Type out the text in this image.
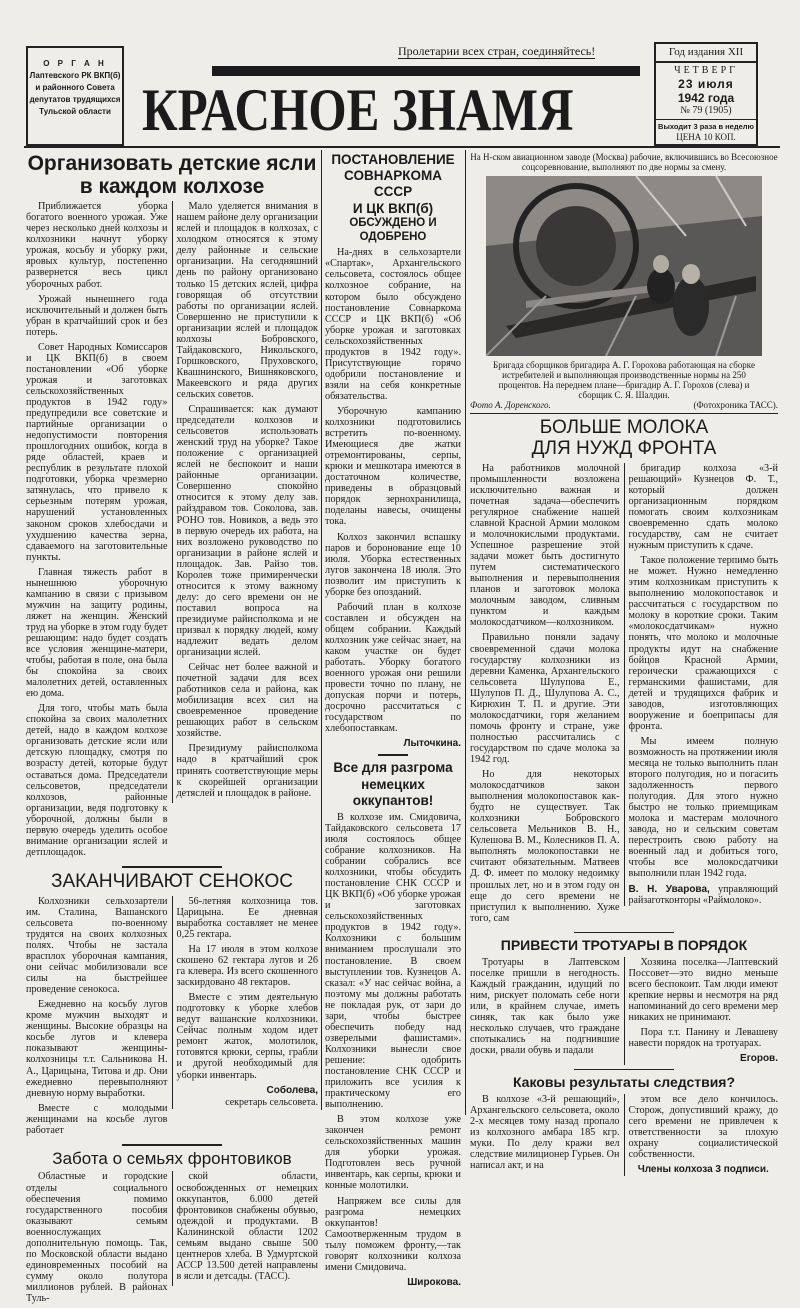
О Р Г А Н
Лаптевского РК ВКП(б)
и районного Совета
депутатов трудящихся
Тульской области
Пролетарии всех стран, соединяйтесь!
КРАСНОЕ ЗНАМЯ
Год издания XII
ЧЕТВЕРГ
23 июля
1942 года
№ 79 (1905)
Выходит 3 раза в неделю
ЦЕНА 10 КОП.
Организовать детские ясли
в каждом колхозе

Приближается уборка богатого военного урожая. Уже через несколько дней колхозы и колхозники начнут уборку урожая, косьбу и уборку ржи, яровых культур, постепенно развернется весь цикл уборочных работ.

Урожай нынешнего года исключительный и должен быть убран в кратчайший срок и без потерь.

Совет Народных Комиссаров и ЦК ВКП(б) в своем постановлении «Об уборке урожая и заготовках сельскохозяйственных продуктов в 1942 году» предупредили все советские и партийные организации о недопустимости повторения прошлогодних ошибок, когда в ряде областей, краев и республик в результате плохой подготовки, уборка чрезмерно затянулась, что привело к серьезным потерям урожая, нарушений установленных законом сроков хлебосдачи и ухудшению качества зерна, сдаваемого на заготовительные пункты.

Главная тяжесть работ в нынешнюю уборочную кампанию в связи с призывом мужчин на защиту родины, ляжет на женщин. Женский труд на уборке в этом году будет решающим: надо будет создать все условия женщине-матери, чтобы, работая в поле, она была бы спокойна за своих малолетних детей, оставленных ею дома.

Для того, чтобы мать была спокойна за своих малолетних детей, надо в каждом колхозе организовать детские ясли или детскую площадку, смотря по возрасту детей, которые будут оставаться дома. Председатели сельсоветов, председатели колхозов, районные организации, ведя подготовку к уборочной, должны были в первую очередь уделить особое внимание организации яслей и детплощадок.

Мало уделяется внимания в нашем районе делу организации яслей и площадок в колхозах, с холодком относятся к этому делу районные и сельские организации. На сегодняшний день по району организовано только 15 детских яслей, цифра говорящая об отсутствии работы по организации яслей. Совершенно не приступили к организации яслей и площадок колхозы Бобровского, Тайдаковского, Никольского, Горшковского, Пруховского, Квашнинского, Вишняковского, Макеевского и ряда других сельских советов.

Спрашивается: как думают председатели колхозов и сельсоветов использовать женский труд на уборке? Такое положение с организацией яслей не беспокоит и наши районные организации. Совершенно спокойно относится к этому делу зав. райздравом тов. Соколова, зав. РОНО тов. Новиков, а ведь это в первую очередь их работа, на них возложено руководство по организации в районе яслей и площадок. Зав. Райзо тов. Королев тоже примиренчески относится к этому важному делу: до сего времени он не поставил вопроса на президиуме райисполкома и не призвал к порядку людей, кому надлежит ведать делом организации яслей.

Сейчас нет более важной и почетной задачи для всех работников села и района, как мобилизация всех сил на своевременное проведение решающих работ в сельском хозяйстве.

Президиуму райисполкома надо в кратчайший срок принять соответствующие меры к скорейшей организации детяслей и площадок в районе.

ЗАКАНЧИВАЮТ СЕНОКОС

Колхозники сельхозартели им. Сталина, Вашанского сельсовета по-военному трудятся на своих колхозных полях. Чтобы не застала врасплох уборочная кампания, они сейчас мобилизовали все силы на быстрейшее проведение сенокоса.

Ежедневно на косьбу лугов кроме мужчин выходят и женщины. Высокие образцы на косьбе лугов и клевера показывают женщины-колхозницы т.т. Сальникова Н. А., Царицына, Титова и др. Они ежедневно перевыполняют дневную норму выработки.

Вместе с молодыми женщинами на косьбе лугов работает

56-летняя колхозница тов. Царицына. Ее дневная выработка составляет не менее 0,25 гектара.

На 17 июля в этом колхозе скошено 62 гектара лугов и 26 га клевера. Из всего скошенного заскирдовано 48 гектаров.

Вместе с этим деятельную подготовку к уборке хлебов ведут вашанские колхозники. Сейчас полным ходом идет ремонт жаток, молотилок, готовятся крюки, серпы, грабли и другой необходимый для уборки инвентарь.

Соболева,
секретарь сельсовета.
Забота о семьях фронтовиков

Областные и городские отделы социального обеспечения помимо государственного пособия оказывают семьям военнослужащих дополнительную помощь. Так, по Московской области выдано единовременных пособий на сумму около полутора миллионов рублей. В районах Туль-

ской области, освобожденных от немецких оккупантов, 6.000 детей фронтовиков снабжены обувью, одеждой и продуктами. В Калининской области 1202 семьям выдано свыше 500 центнеров хлеба. В Удмуртской АССР 13.500 детей направлены в ясли и детсады. (ТАСС).

ПОСТАНОВЛЕНИЕ
СОВНАРКОМА СССР
И ЦК ВКП(б)
ОБСУЖДЕНО И ОДОБРЕНО

На-днях в сельхозартели «Спартак», Архангельского сельсовета, состоялось общее колхозное собрание, на котором было обсуждено постановление Совнаркома СССР и ЦК ВКП(б) «Об уборке урожая и заготовках сельскохозяйственных продуктов в 1942 году». Присутствующие горячо одобрили постановление и взяли на себя конкретные обязательства.

Уборочную кампанию колхозники подготовились встретить по-военному. Имеющиеся две жатки отремонтированы, серпы, крюки и мешкотара имеются в достаточном количестве, приведены в образцовый порядок зернохранилища, поделаны навесы, очищены тока.

Колхоз закончил вспашку паров и боронование еще 10 июля. Уборка естественных лугов закончена 18 июля. Это позволит им приступить к уборке без опозданий.

Рабочий план в колхозе составлен и обсужден на общем собрании. Каждый колхозник уже сейчас знает, на каком участке он будет работать. Уборку богатого военного урожая они решили провести точно по плану, не допуская порчи и потерь, досрочно рассчитаться с государством по хлебопоставкам.

Лыточкина.
Все для разгрома
немецких оккупантов!

В колхозе им. Смидовича, Тайдаковского сельсовета 17 июля состоялось общее собрание колхозников. На собрании собрались все колхозники, чтобы обсудить постановление СНК СССР и ЦК ВКП(б) «Об уборке урожая и заготовках сельскохозяйственных продуктов в 1942 году». Колхозники с большим вниманием прослушали это постановление. В своем выступлении тов. Кузнецов А. сказал: «У нас сейчас война, а поэтому мы должны работать не покладая рук, от зари до зари, чтобы быстрее обеспечить победу над озверелыми фашистами». Колхозники вынесли свое решение: одобрить постановление СНК СССР и приложить все усилия к практическому его выполнению.

В этом колхозе уже закончен ремонт сельскохозяйственных машин для уборки урожая. Подготовлен весь ручной инвентарь, как серпы, крюки и конные молотилки.

Напряжем все силы для разгрома немецких оккупантов! Самоотверженным трудом в тылу поможем фронту,—так говорят колхозники колхоза имени Смидовича.

Широкова.
На Н-ском авиационном заводе (Москва) рабочие, включившись во Всесоюзное соцсоревнование, выполняют по две нормы за смену.
Бригада сборщиков бригадира А. Г. Горохова работающая на сборке истребителей и выполняющая производственные нормы на 250 процентов. На переднем плане—бригадир А. Г. Горохов (слева) и сборщик С. Я. Шалдин.
Фото А. Доренского.	(Фотохроника ТАСС).
БОЛЬШЕ МОЛОКА
ДЛЯ НУЖД ФРОНТА

На работников молочной промышленности возложена исключительно важная и почетная задача—обеспечить регулярное снабжение нашей славной Красной Армии молоком и молочнокислыми продуктами. Успешное разрешение этой задачи может быть достигнуто путем систематического выполнения и перевыполнения планов и заготовок молока молочным заводом, сливным пунктом и каждым молокосдатчиком—колхозником.

Правильно поняли задачу своевременной сдачи молока государству колхозники из деревни Каменка, Архангельского сельсовета Шулупова Е., Шулупов П. Д., Шулупова А. С., Кирюхин Т. П. и другие. Эти молокосдатчики, горя желанием помочь фронту и стране, уже полностью рассчитались с государством по сдаче молока за 1942 год.

Но для некоторых молокосдатчиков закон выполнения молокопоставок как-будто не существует. Так колхозники Бобровского сельсовета Мельников В. Н., Кулешова В. М., Колесников П. А. выполнять молокопоставки не считают обязательным. Матвеев Д. Ф. имеет по молоку недоимку прошлых лет, но и в этом году он еще до сего времени не приступил к выполнению. Хуже того, сам

бригадир колхоза «3-й решающий» Кузнецов Ф. Т., который должен организационным порядком помогать своим колхозникам своевременно сдать молоко государству, сам не считает нужным приступить к сдаче.

Такое положение терпимо быть не может. Нужно немедленно этим колхозникам приступить к выполнению молокопоставок и рассчитаться с государством по молоку в короткие сроки. Таким «молокосдатчикам» нужно понять, что молоко и молочные продукты идут на снабжение бойцов Красной Армии, героически сражающихся с германскими фашистами, для детей и трудящихся фабрик и заводов, изготовляющих вооружение и боеприпасы для фронта.

Мы имеем полную возможность на протяжении июля месяца не только выполнить план второго полугодия, но и погасить задолженность первого полугодия. Для этого нужно быстро не только приемщикам молока и мастерам молочного завода, но и сельским советам перестроить свою работу на военный лад и добиться того, чтобы все молокосдатчики выполнили план 1942 года.

В. Н. Уварова, управляющий райзаготконторы «Раймолоко».
ПРИВЕСТИ ТРОТУАРЫ В ПОРЯДОК

Тротуары в Лаптевском поселке пришли в негодность. Каждый гражданин, идущий по ним, рискует поломать себе ноги или, в крайнем случае, иметь синяк, так как было уже несколько случаев, что граждане спотыкались на подгнившие доски, рвали обувь и падали

Хозяина поселка—Лаптевский Поссовет—это видно меньше всего беспокоит. Там люди имеют крепкие нервы и несмотря на ряд напоминаний до сего времени мер никаких не принимают.

Пора т.т. Панину и Левашеву навести порядок на тротуарах.

Егоров.
Каковы результаты следствия?

В колхозе «3-й решающий», Архангельского сельсовета, около 2-х месяцев тому назад пропало из колхозного амбара 185 кгр. муки. По делу кражи вел следствие милиционер Гурьев. Он написал акт, и на

этом все дело кончилось. Сторож, допустивший кражу, до сего времени не привлечен к ответственности за плохую охрану социалистической собственности.

Члены колхоза 3 подписи.
